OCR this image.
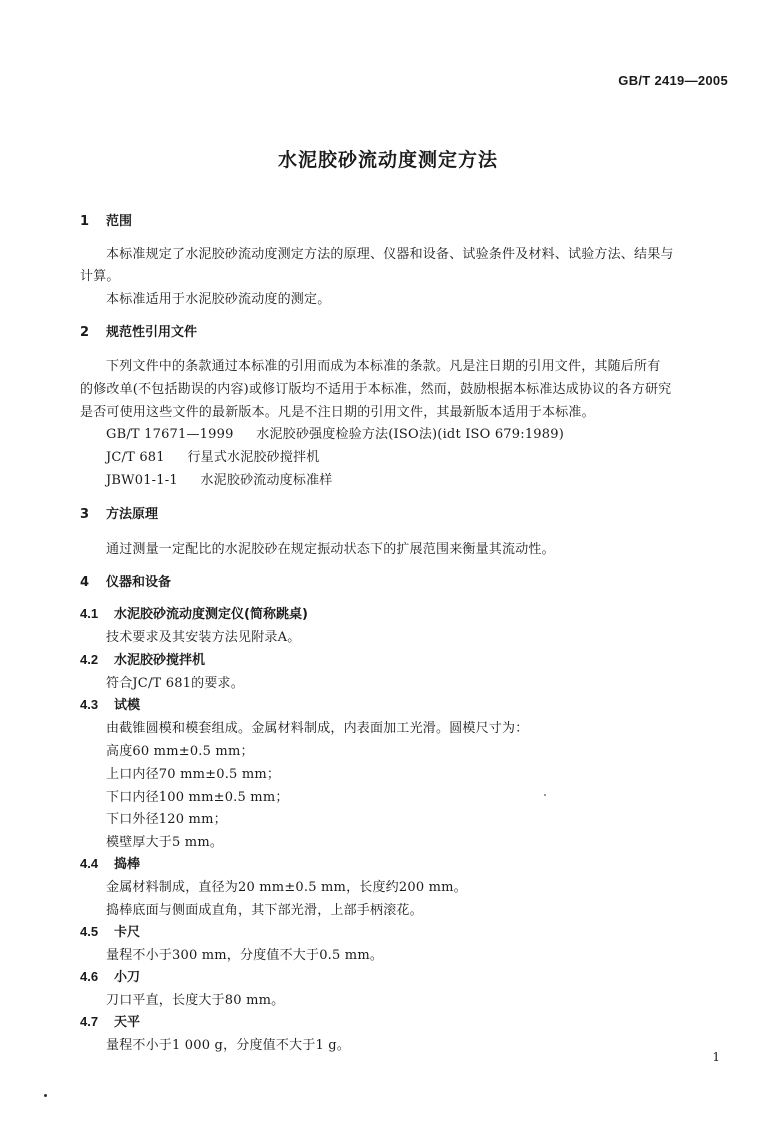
GB/T 2419—2005
水泥胶砂流动度测定方法
1 范围
本标准规定了水泥胶砂流动度测定方法的原理、仪器和设备、试验条件及材料、试验方法、结果与
计算。
本标准适用于水泥胶砂流动度的测定。
2 规范性引用文件
下列文件中的条款通过本标准的引用而成为本标准的条款。凡是注日期的引用文件，其随后所有
的修改单(不包括勘误的内容)或修订版均不适用于本标准，然而，鼓励根据本标准达成协议的各方研究
是否可使用这些文件的最新版本。凡是不注日期的引用文件，其最新版本适用于本标准。
GB/T 17671—1999 水泥胶砂强度检验方法(ISO法)(idt ISO 679:1989)
JC/T 681 行星式水泥胶砂搅拌机
JBW01-1-1 水泥胶砂流动度标准样
3 方法原理
通过测量一定配比的水泥胶砂在规定振动状态下的扩展范围来衡量其流动性。
4 仪器和设备
4.1 水泥胶砂流动度测定仪(简称跳桌)
技术要求及其安装方法见附录A。
4.2 水泥胶砂搅拌机
符合JC/T 681的要求。
4.3 试模
由截锥圆模和模套组成。金属材料制成，内表面加工光滑。圆模尺寸为：
高度60 mm±0.5 mm；
上口内径70 mm±0.5 mm；
下口内径100 mm±0.5 mm；
下口外径120 mm；
模壁厚大于5 mm。
4.4 捣棒
金属材料制成，直径为20 mm±0.5 mm，长度约200 mm。
捣棒底面与侧面成直角，其下部光滑，上部手柄滚花。
4.5 卡尺
量程不小于300 mm，分度值不大于0.5 mm。
4.6 小刀
刀口平直，长度大于80 mm。
4.7 天平
量程不小于1 000 g，分度值不大于1 g。
1
